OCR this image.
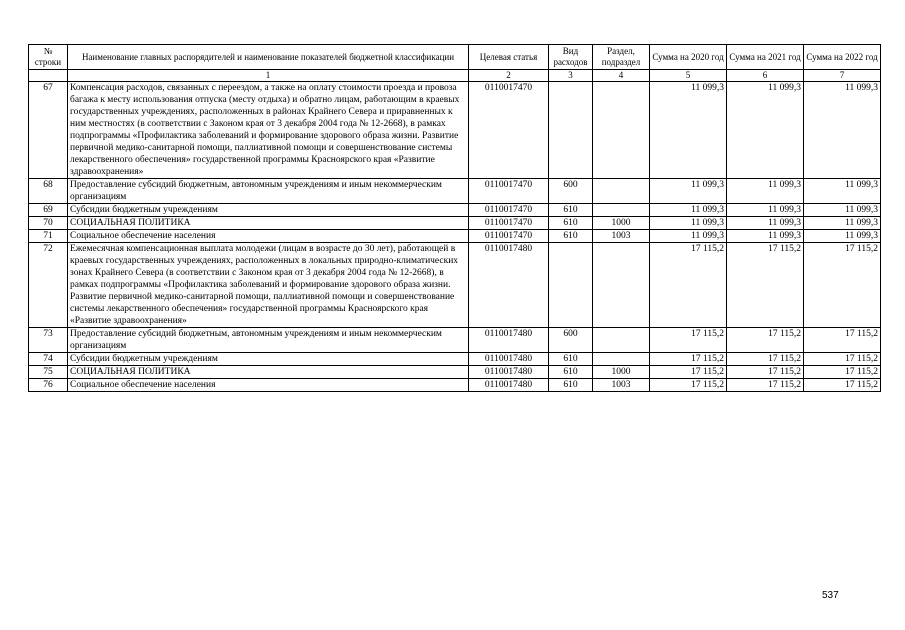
№ строки	Наименование главных распорядителей и наименование показателей бюджетной классификации	Целевая статья	Вид расходов	Раздел, подраздел	Сумма на 2020 год	Сумма на 2021 год	Сумма на 2022 год
	1	2	3	4	5	6	7
67	Компенсация расходов, связанных с переездом, а также на оплату стоимости проезда и провоза багажа к месту использования отпуска (месту отдыха) и обратно лицам, работающим в краевых государственных учреждениях, расположенных в районах Крайнего Севера и приравненных к ним местностях (в соответствии с Законом края от 3 декабря 2004 года № 12-2668), в рамках подпрограммы «Профилактика заболеваний и формирование здорового образа жизни. Развитие первичной медико-санитарной помощи, паллиативной помощи и совершенствование системы лекарственного обеспечения» государственной программы Красноярского края «Развитие здравоохранения»	0110017470			11 099,3	11 099,3	11 099,3
68	Предоставление субсидий бюджетным, автономным учреждениям и иным некоммерческим организациям	0110017470	600		11 099,3	11 099,3	11 099,3
69	Субсидии бюджетным учреждениям	0110017470	610		11 099,3	11 099,3	11 099,3
70	СОЦИАЛЬНАЯ ПОЛИТИКА	0110017470	610	1000	11 099,3	11 099,3	11 099,3
71	Социальное обеспечение населения	0110017470	610	1003	11 099,3	11 099,3	11 099,3
72	Ежемесячная компенсационная выплата молодежи (лицам в возрасте до 30 лет), работающей в краевых государственных учреждениях, расположенных в локальных природно-климатических зонах Крайнего Севера (в соответствии с Законом края от 3 декабря 2004 года № 12-2668), в рамках подпрограммы «Профилактика заболеваний и формирование здорового образа жизни. Развитие первичной медико-санитарной помощи, паллиативной помощи и совершенствование системы лекарственного обеспечения» государственной программы Красноярского края «Развитие здравоохранения»	0110017480			17 115,2	17 115,2	17 115,2
73	Предоставление субсидий бюджетным, автономным учреждениям и иным некоммерческим организациям	0110017480	600		17 115,2	17 115,2	17 115,2
74	Субсидии бюджетным учреждениям	0110017480	610		17 115,2	17 115,2	17 115,2
75	СОЦИАЛЬНАЯ ПОЛИТИКА	0110017480	610	1000	17 115,2	17 115,2	17 115,2
76	Социальное обеспечение населения	0110017480	610	1003	17 115,2	17 115,2	17 115,2
537
